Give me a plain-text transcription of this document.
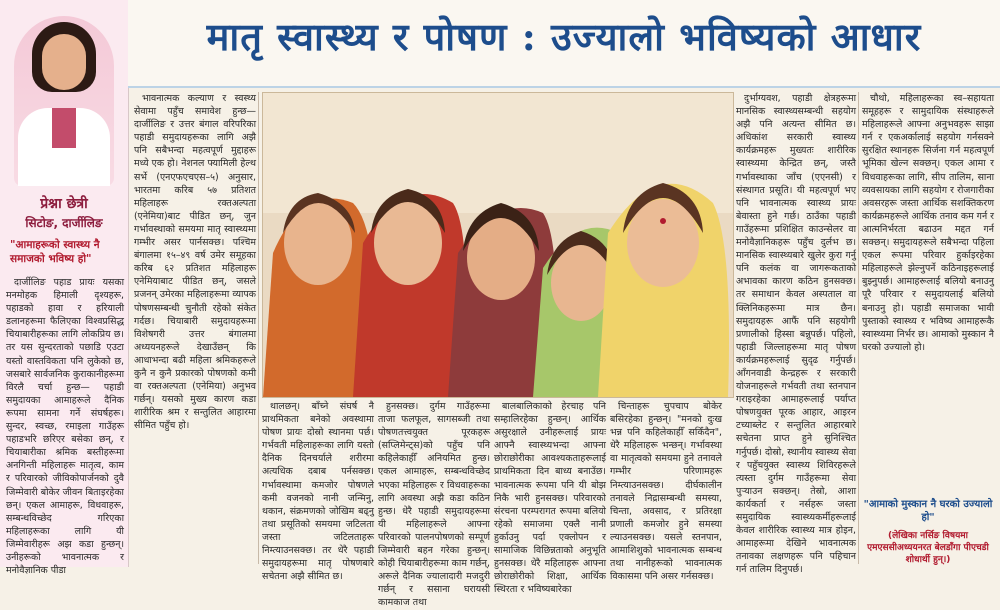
प्रेश्ना छेत्री
सिटोङ, दार्जीलिङ
"आमाहरूको स्वास्थ्य नै समाजको भविष्य हो"
मातृ स्वास्थ्य र पोषण : उज्यालो भविष्यको आधार

दार्जीलिङ पहाड प्रायः यसका मनमोहक हिमाली दृश्यहरू, पहाडको हावा र हरियाली डलानहरूमा फैलिएका विश्वप्रसिद्ध चियाबारीहरूका लागि लोकप्रिय छ। तर यस सुन्दरताको पछाडि एउटा यस्तो वास्तविकता पनि लुकेको छ, जसबारे सार्वजनिक कुराकानीहरूमा विरलै चर्चा हुन्छ— पहाडी समुदायका आमाहरूले दैनिक रूपमा सामना गर्ने संघर्षहरू। सुन्दर, स्वच्छ, रमाइला गाउँहरू पहाडभरि छरिएर बसेका छन्, र चियाबारीका श्रमिक बस्तीहरूमा अनगिन्ती महिलाहरू मातृत्व, काम र परिवारको जीविकोपार्जनको दुवै जिम्मेवारी बोकेर जीवन बिताइरहेका छन्। एकल आमाहरू, विधवाहरू, सम्बन्धविच्छेद गरिएका महिलाहरूका लागि यी जिम्मेवारीहरू अझ कडा हुन्छन्। उनीहरूको भावनात्मक र मनोवैज्ञानिक पीडा

भावनात्मक कल्याण र स्वस्थ्य सेवामा पहुँच समावेश हुन्छ— दार्जीलिङ र उत्तर बंगाल वरिपरिका पहाडी समुदायहरूका लागि अझै पनि सबैभन्दा महत्वपूर्ण मुद्दाहरू मध्ये एक हो। नेशनल फ्यामिली हेल्थ सर्भे (एनएफएचएस–५) अनुसार, भारतमा करिब ५७ प्रतिशत महिलाहरू रक्तअल्पता (एनेमिया)बाट पीडित छन्, जुन गर्भावस्थाको समयमा मातृ स्वास्थ्यमा गम्भीर असर पार्नसक्छ। पश्चिम बंगालमा १५–४९ वर्ष उमेर समूहका करिब ६२ प्रतिशत महिलाहरू एनेमियाबाट पीडित छन्, जसले प्रजनन् उमेरका महिलाहरूमा व्यापक पोषणसम्बन्धी चुनौती रहेको संकेत गर्दछ। चियाबारी समुदायहरूमा विशेषगरी उत्तर बंगालमा अध्ययनहरूले देखाउँछन् कि आधाभन्दा बढी महिला श्रमिकहरूले कुनै न कुनै प्रकारको पोषणको कमी वा रक्तअल्पता (एनेमिया) अनुभव गर्छन्। यसको मुख्य कारण कडा शारीरिक श्रम र सन्तुलित आहारमा सीमित पहुँच हो।

थालछन्। बाँच्ने संघर्ष नै प्राथमिकता बनेको अवस्थामा पोषण प्रायः दोस्रो स्थानमा पर्छ। गर्भवती महिलाहरूका लागि यस्तो दैनिक दिनचर्याले शरीरमा अत्यधिक दबाब पर्नसक्छ। गर्भावस्थामा कमजोर पोषणले कमी वजनको नानी जन्मिनु, थकान, संक्रमणको जोखिम बढ्नु तथा प्रसूतिको समयमा जटिलता जस्ता जटिलताहरू निम्त्याउनसक्छ। तर धेरै पहाडी समुदायहरूमा मातृ पोषणबारे सचेतना अझै सीमित छ।

हुनसक्छ। दुर्गम गाउँहरूमा ताजा फलफूल, सागसब्जी तथा पोषणतत्त्वयुक्त पूरकहरू (सप्लिमेन्ट्स)को पहुँच पनि कहिलेकाहीँ अनियमित हुन्छ। एकल आमाहरू, सम्बन्धविच्छेद भएका महिलाहरू र विधवाहरूका लागि अवस्था अझै कडा कठिन हुन्छ। धेरै पहाडी समुदायहरूमा यी महिलाहरूले आफ्ना परिवारको पालनपोषणको सम्पूर्ण जिम्मेवारी बहन गरेका हुन्छन्। कोही चियाबारीहरूमा काम गर्छन्, अरूले दैनिक ज्यालादारी मजदुरी गर्छन् र ससाना घरायसी कामकाज तथा

बालबालिकाको हेरचाह पनि सम्हालिरहेका हुन्छन्। आर्थिक असुरक्षाले उनीहरूलाई प्रायः आफ्नै स्वास्थ्यभन्दा आफ्ना छोराछोरीका आवश्यकताहरूलाई प्राथमिकता दिन बाध्य बनाउँछ। भावनात्मक रूपमा पनि यी बोझ निकै भारी हुनसक्छ। परिवारको संरचना परम्परागत रूपमा बलियो रहेको समाजमा एक्लै नानी हुर्काउनु पर्दा एक्लोपन र सामाजिक विछिन्नताको अनुभूति हुनसक्छ। धेरै महिलाहरू आफ्ना छोराछोरीको शिक्षा, आर्थिक स्थिरता र भविष्यबारेका

चिन्ताहरू चुपचाप बोकेर बसिरहेका हुन्छन्। "मनको दुःख भन्न पनि कहिलेकाहीँ सकिँदैन", धेरै महिलाहरू भन्छन्। गर्भावस्था वा मातृत्वको समयमा हुने तनावले गम्भीर परिणामहरू निम्त्याउनसक्छ। दीर्घकालीन तनावले निद्रासम्बन्धी समस्या, चिन्ता, अवसाद, र प्रतिरक्षा प्रणाली कमजोर हुने समस्या ल्याउनसक्छ। यसले स्तनपान, आमाशिशुको भावनात्मक सम्बन्ध तथा नानीहरूको भावनात्मक विकासमा पनि असर गर्नसक्छ।

दुर्भाग्यवश, पहाडी क्षेत्रहरूमा मानसिक स्वास्थ्यसम्बन्धी सहयोग अझै पनि अत्यन्त सीमित छ। अधिकांश सरकारी स्वास्थ्य कार्यक्रमहरू मुख्यतः शारीरिक स्वास्थ्यमा केन्द्रित छन्, जस्तै गर्भावस्थाका जाँच (एएनसी) र संस्थागत प्रसूति। यी महत्वपूर्ण भए पनि भावनात्मक स्वास्थ्य प्रायः बेवास्ता हुने गर्छ। ठाउँका पहाडी गाउँहरूमा प्रशिक्षित काउन्सेलर वा मनोवैज्ञानिकहरू पहुँच दुर्लभ छ। मानसिक स्वास्थ्यबारे खुलेर कुरा गर्नु पनि कलंक वा जागरूकताको अभावका कारण कठिन हुनसक्छ। तर समाधान केवल अस्पताल वा क्लिनिकहरूमा मात्र छैन। समुदायहरू आफैं पनि सहयोगी प्रणालीको हिस्सा बन्नुपर्छ। पहिलो, पहाडी जिल्लाहरूमा मातृ पोषण कार्यक्रमहरूलाई सुदृढ गर्नुपर्छ। आँगनवाडी केन्द्रहरू र सरकारी योजनाहरूले गर्भवती तथा स्तनपान गराइरहेका आमाहरूलाई पर्याप्त पोषणयुक्त पूरक आहार, आइरन टच्याब्लेट र सन्तुलित आहारबारे सचेतना प्राप्त हुने सुनिश्चित गर्नुपर्छ। दोस्रो, स्थानीय स्वास्थ्य सेवा र पहुँचयुक्त स्वास्थ्य शिविरहरूले त्यस्ता दुर्गम गाउँहरूमा सेवा पुऱ्याउन सक्छन्। तेस्रो, आशा कार्यकर्ता र नर्सहरू जस्ता समुदायिक स्वास्थ्यकर्मीहरूलाई केवल शारीरिक स्वास्थ्य मात्र होइन, आमाहरूमा देखिने भावनात्मक तनावका लक्षणहरू पनि पहिचान गर्न तालिम दिनुपर्छ।

चौथो, महिलाहरूका स्व–सहायता समूहहरू र सामुदायिक संस्थाहरूले महिलाहरूले आफ्ना अनुभवहरू साझा गर्न र एकअर्कालाई सहयोग गर्नसक्ने सुरक्षित स्थानहरू सिर्जना गर्न महत्वपूर्ण भूमिका खेल्न सक्छन्। एकल आमा र विधवाहरूका लागि, सीप तालिम, साना व्यवसायका लागि सहयोग र रोजगारीका अवसरहरू जस्ता आर्थिक सशक्तिकरण कार्यक्रमहरूले आर्थिक तनाव कम गर्न र आत्मनिर्भरता बढाउन मद्दत गर्न सक्छन्। समुदायहरूले सबैभन्दा पहिला एकल रूपमा परिवार हुर्काइरहेका महिलाहरूले झेल्नुपर्ने कठिनाइहरूलाई बुझ्नुपर्छ। आमाहरूलाई बलियो बनाउनु पूरै परिवार र समुदायलाई बलियो बनाउनु हो। पहाडी समाजका भावी पुस्ताको स्वास्थ्य र भविष्य आमाहरूकै स्वास्थ्यमा निर्भर छ। आमाको मुस्कान नै घरको उज्यालो हो।

"आमाको मुस्कान नै घरको उज्यालो हो"
(लेखिका नर्सिङ विषयमा एमएससीअध्ययनरत बेलडाँगा पीएचडी शोधार्थी हुन्।)
